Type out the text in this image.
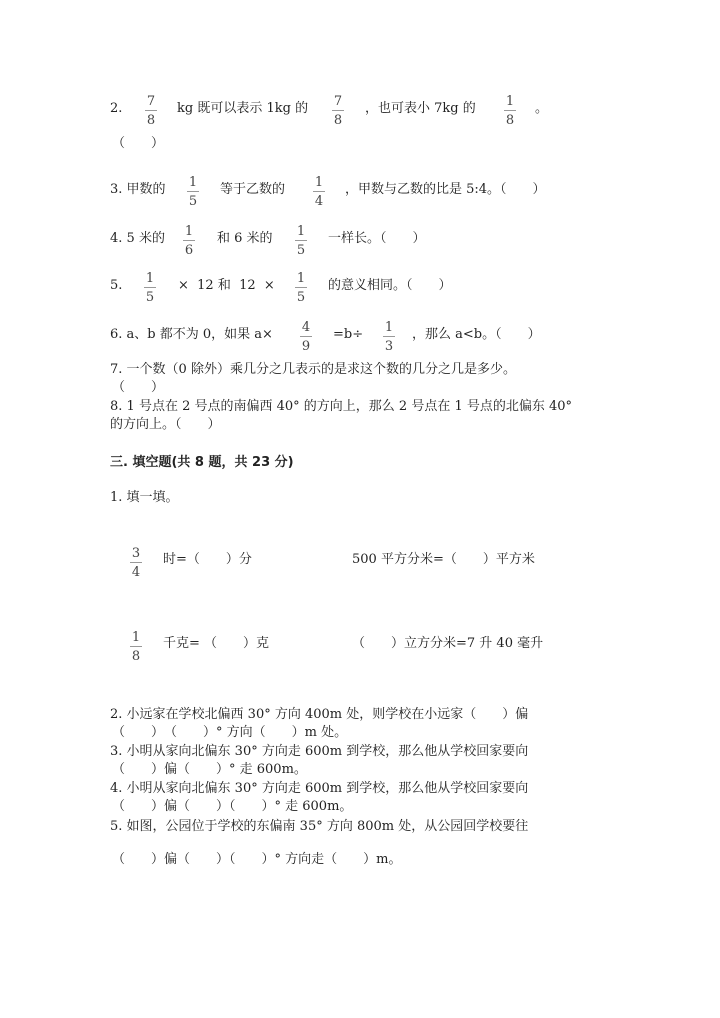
2. $\frac{7}{8}$ kg 既可以表示 1kg 的 $\frac{7}{8}$ ，也可表小 7kg 的 $\frac{1}{8}$ 。
（　　）
3. 甲数的 $\frac{1}{5}$ 等于乙数的 $\frac{1}{4}$ ，甲数与乙数的比是 5:4。（　　）
4. 5 米的 $\frac{1}{6}$ 和 6 米的 $\frac{1}{5}$ 一样长。（　　）
5. $\frac{1}{5} \times 12$ 和  $12 \times \frac{1}{5}$ 的意义相同。（　　）
6. a、b 都不为 0，如果 $a\times \frac{4}{9} =b\div \frac{1}{3}$ ，那么 a<b。（　　）
7. 一个数（0 除外）乘几分之几表示的是求这个数的几分之几是多少。
（　　）
8. 1 号点在 2 号点的南偏西 40° 的方向上，那么 2 号点在 1 号点的北偏东 40°
的方向上。（　　）
三. 填空题(共 8 题，共 23 分)
1. 填一填。
$\frac{3}{4}$ 时=（　　）分	500 平方分米=（　　）平方米
$\frac{1}{8}$ 千克= （　　）克	（　　）立方分米=7 升 40 毫升
2. 小远家在学校北偏西 30° 方向 400m 处，则学校在小远家（　　）偏
（　　）　（　　）° 方向（　　）m 处。
3. 小明从家向北偏东 30° 方向走 600m 到学校，那么他从学校回家要向
（　　）偏（　　）° 走 600m。
4. 小明从家向北偏东 30° 方向走 600m 到学校，那么他从学校回家要向
（　　）偏（　　）（　　）° 走 600m。
5. 如图，公园位于学校的东偏南 35° 方向 800m 处，从公园回学校要往
（　　）偏（　　）（　　）° 方向走（　　）m。
